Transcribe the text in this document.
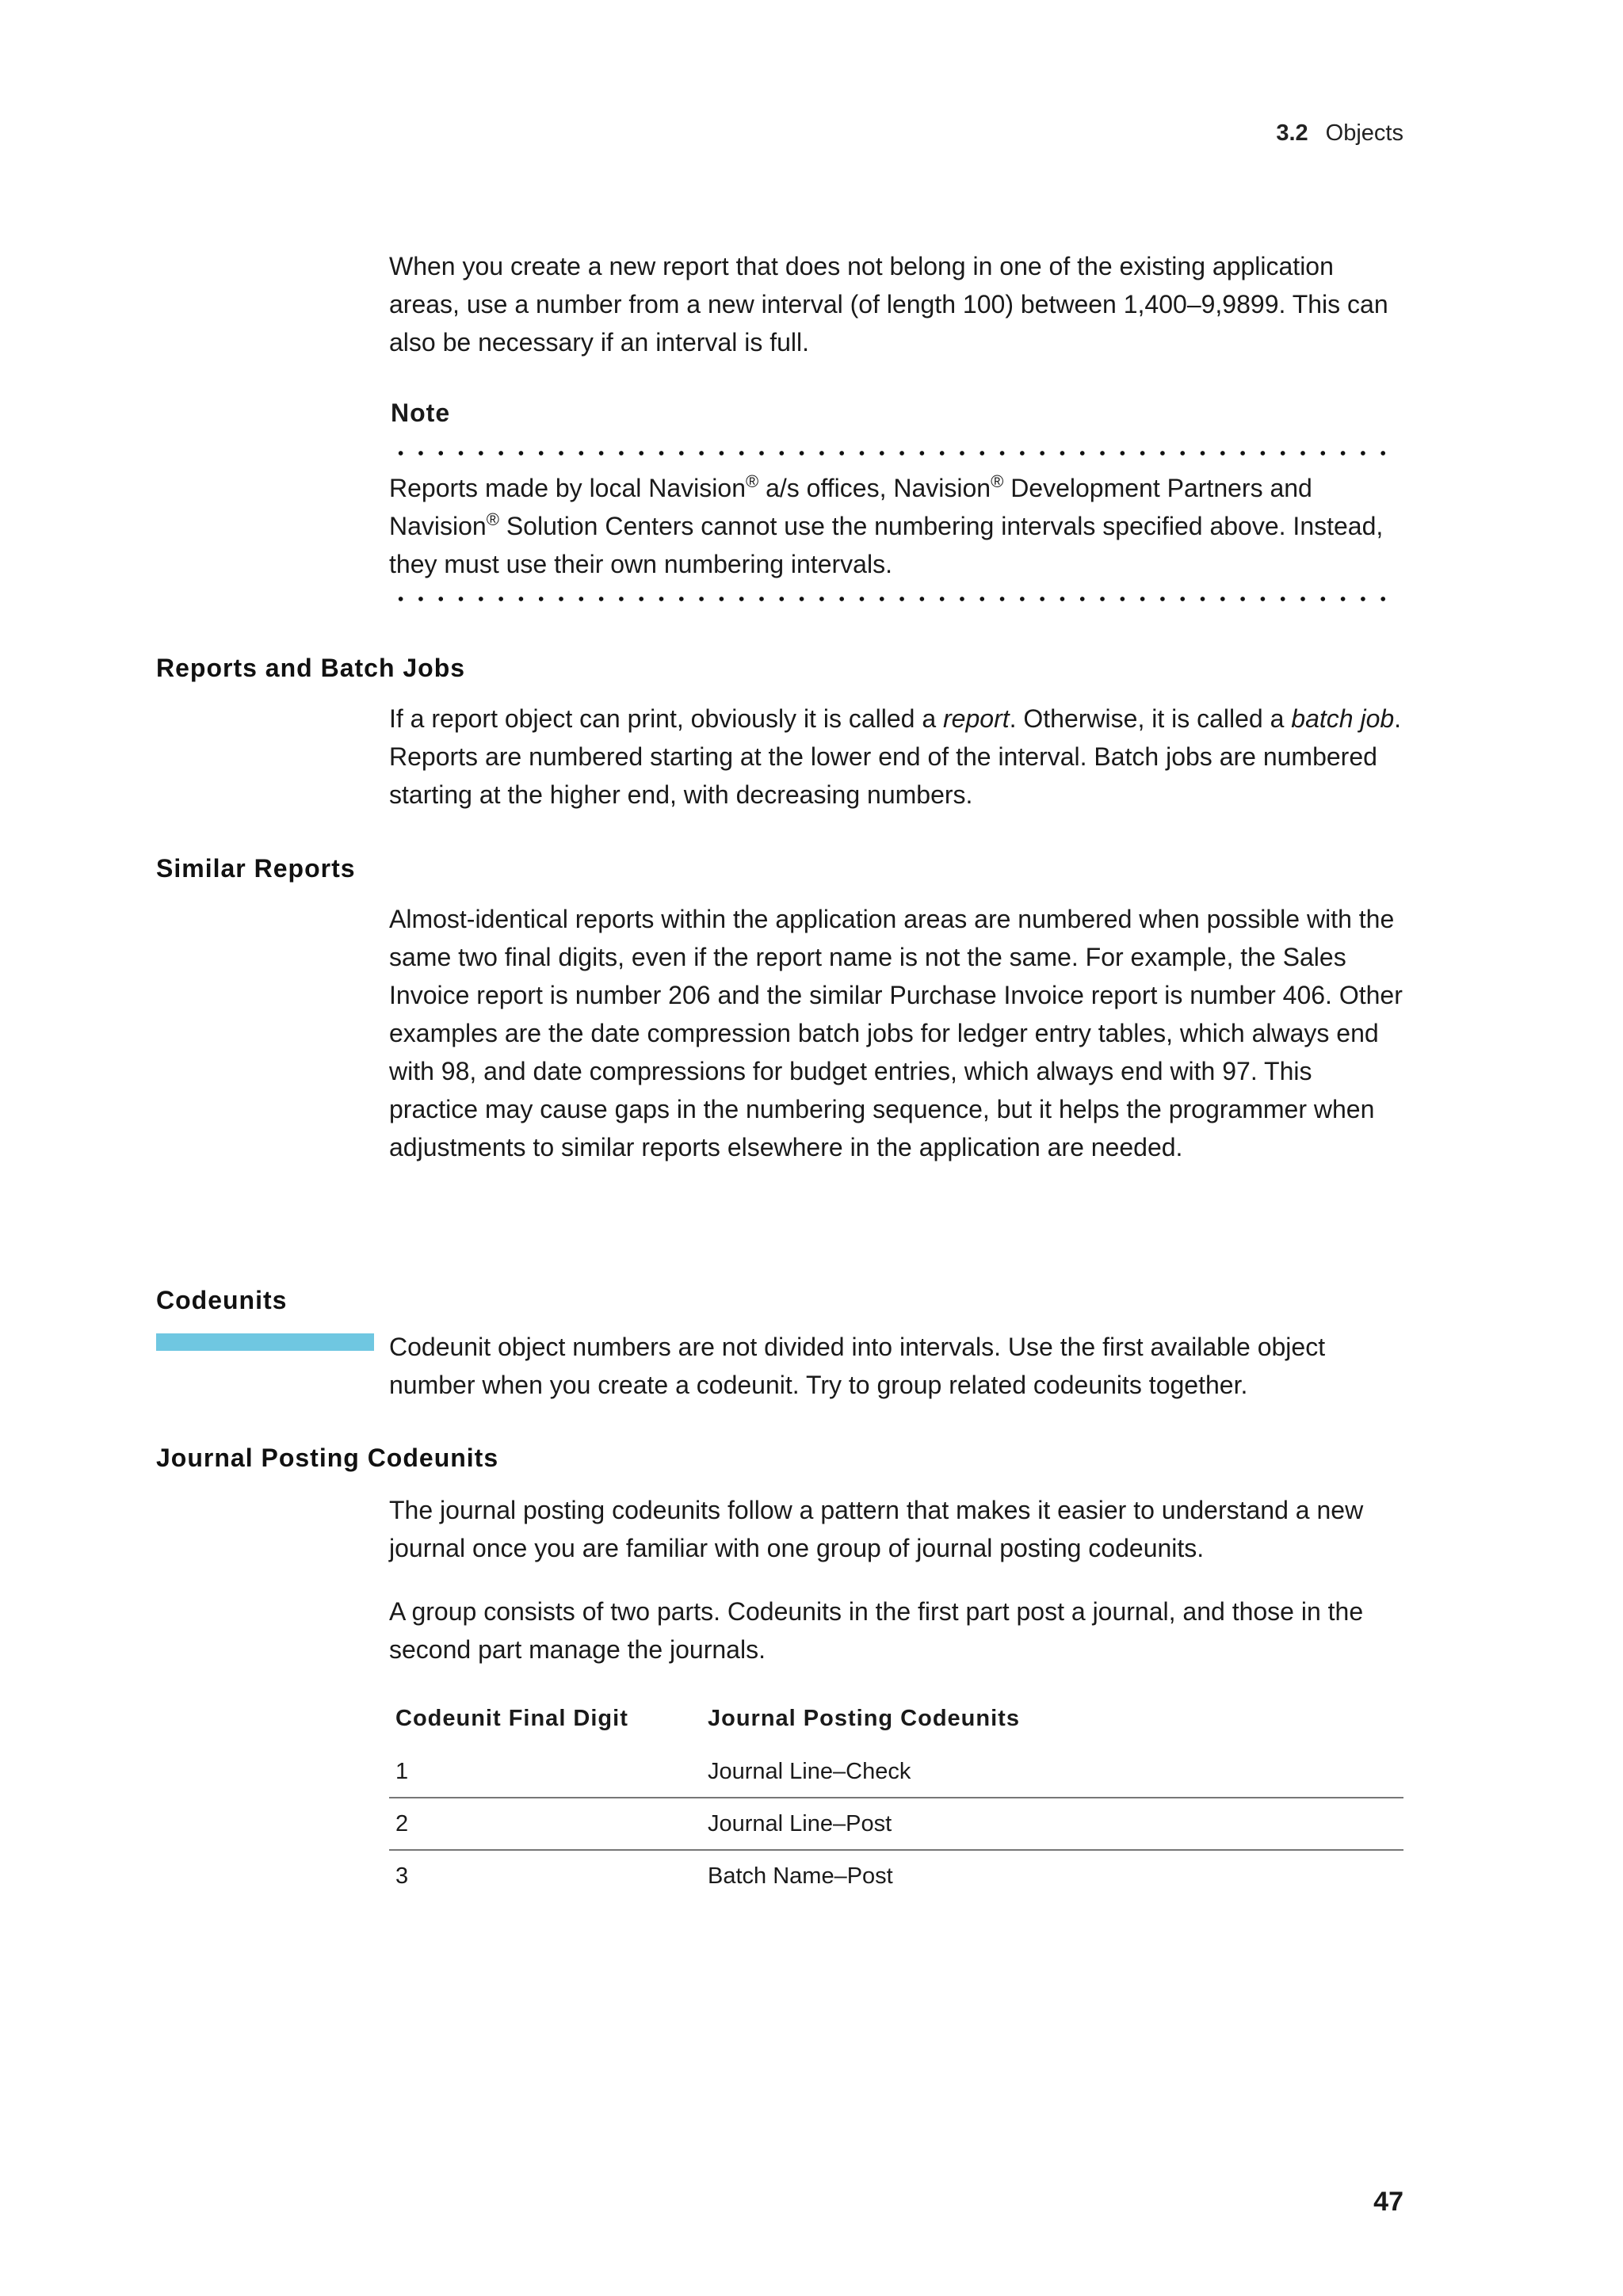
3.2 Objects

When you create a new report that does not belong in one of the existing application areas, use a number from a new interval (of length 100) between 1,400–9,9899. This can also be necessary if an interval is full.

Note

Reports made by local Navision® a/s offices, Navision® Development Partners and Navision® Solution Centers cannot use the numbering intervals specified above. Instead, they must use their own numbering intervals.

Reports and Batch Jobs

If a report object can print, obviously it is called a report. Otherwise, it is called a batch job. Reports are numbered starting at the lower end of the interval. Batch jobs are numbered starting at the higher end, with decreasing numbers.

Similar Reports

Almost-identical reports within the application areas are numbered when possible with the same two final digits, even if the report name is not the same. For example, the Sales Invoice report is number 206 and the similar Purchase Invoice report is number 406. Other examples are the date compression batch jobs for ledger entry tables, which always end with 98, and date compressions for budget entries, which always end with 97. This practice may cause gaps in the numbering sequence, but it helps the programmer when adjustments to similar reports elsewhere in the application are needed.

Codeunits

Codeunit object numbers are not divided into intervals. Use the first available object number when you create a codeunit. Try to group related codeunits together.

Journal Posting Codeunits

The journal posting codeunits follow a pattern that makes it easier to understand a new journal once you are familiar with one group of journal posting codeunits.

A group consists of two parts. Codeunits in the first part post a journal, and those in the second part manage the journals.

Codeunit Final Digit	Journal Posting Codeunits
1	Journal Line–Check
2	Journal Line–Post
3	Batch Name–Post
47
